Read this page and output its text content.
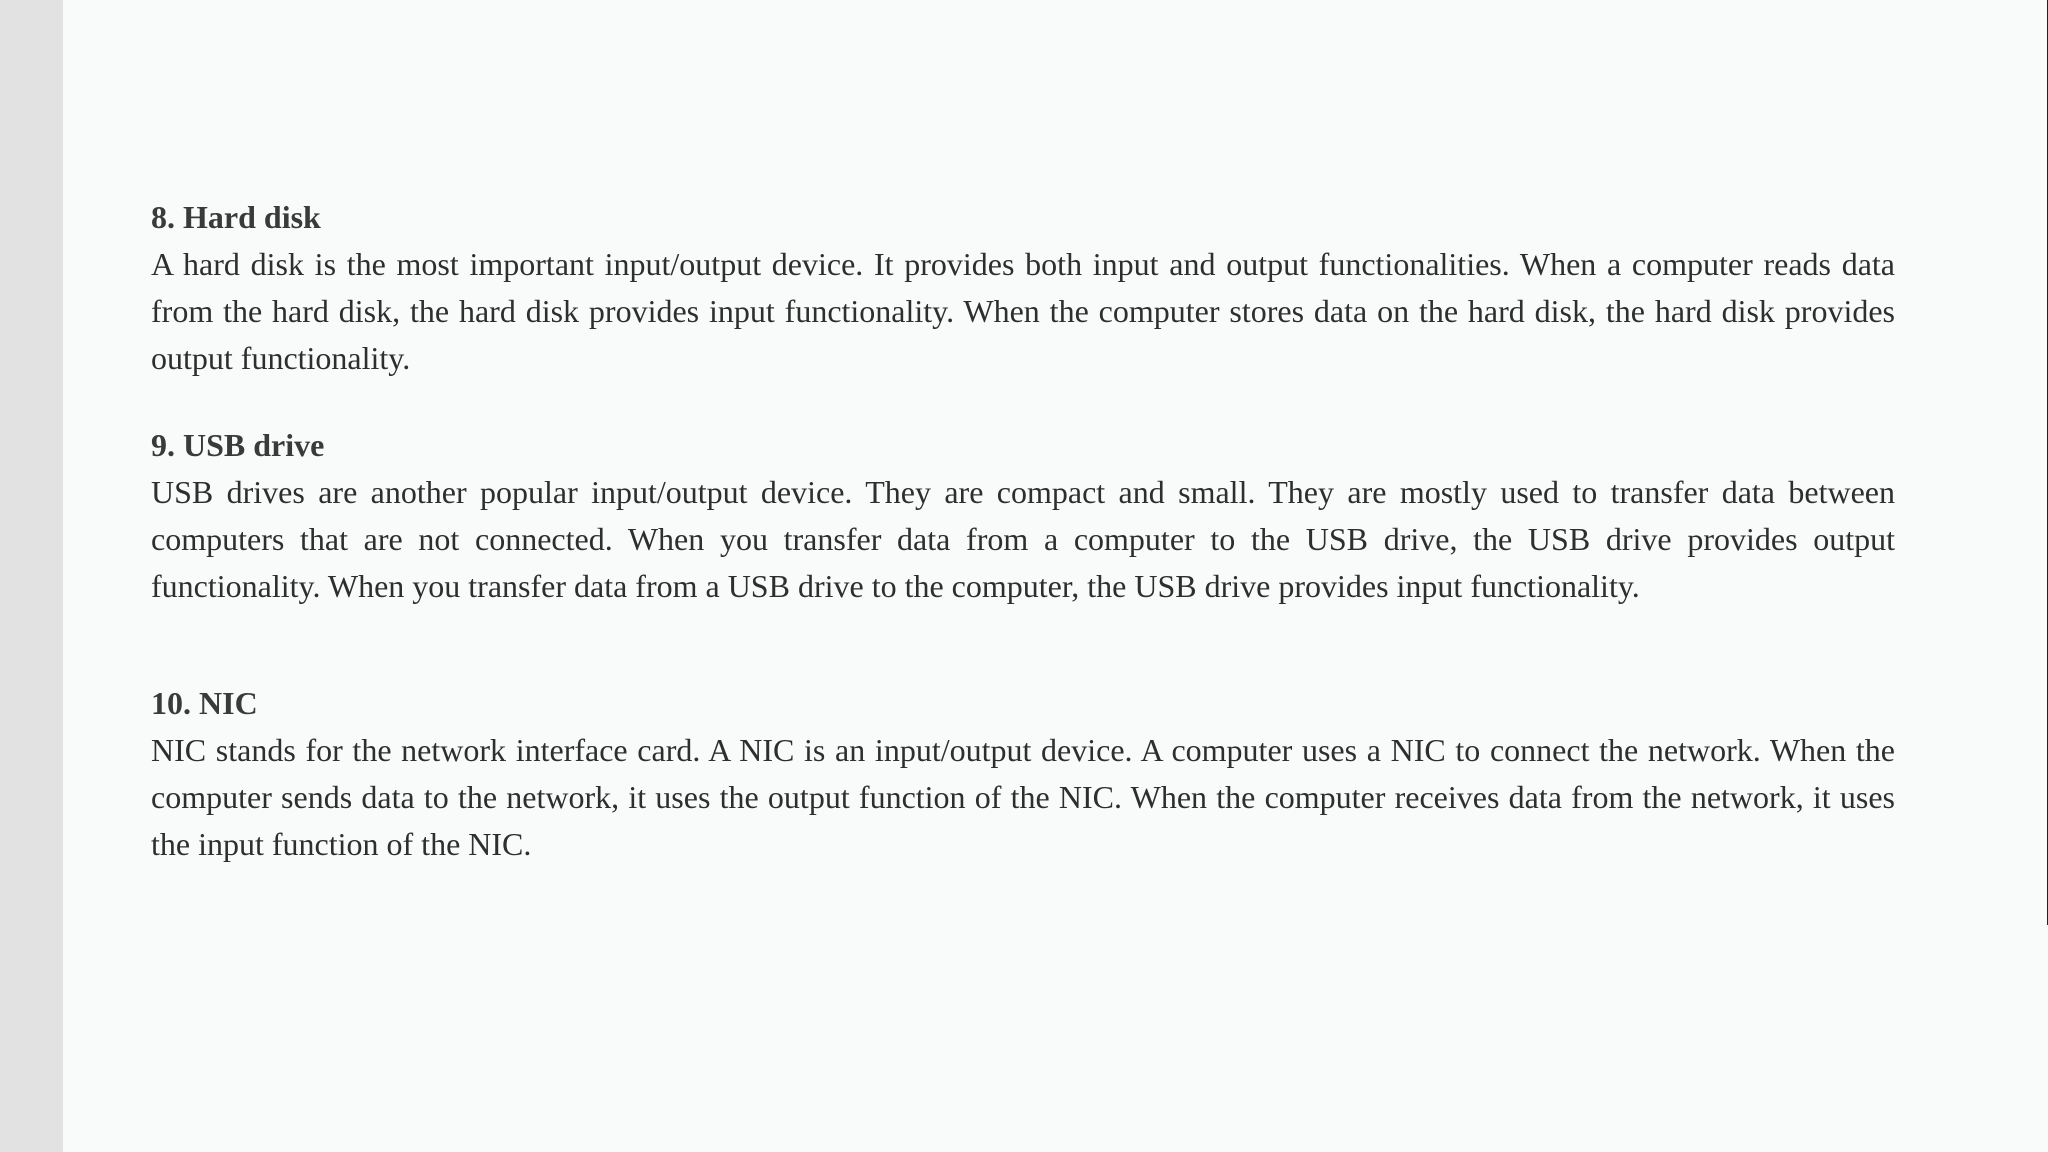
8. Hard disk

A hard disk is the most important input/output device. It provides both input and output functionalities. When a computer reads data from the hard disk, the hard disk provides input functionality. When the computer stores data on the hard disk, the hard disk provides output functionality.

9. USB drive

USB drives are another popular input/output device. They are compact and small. They are mostly used to transfer data between computers that are not connected. When you transfer data from a computer to the USB drive, the USB drive provides output functionality. When you transfer data from a USB drive to the computer, the USB drive provides input functionality.

10. NIC

NIC stands for the network interface card. A NIC is an input/output device. A computer uses a NIC to connect the network. When the computer sends data to the network, it uses the output function of the NIC. When the computer receives data from the network, it uses the input function of the NIC.
